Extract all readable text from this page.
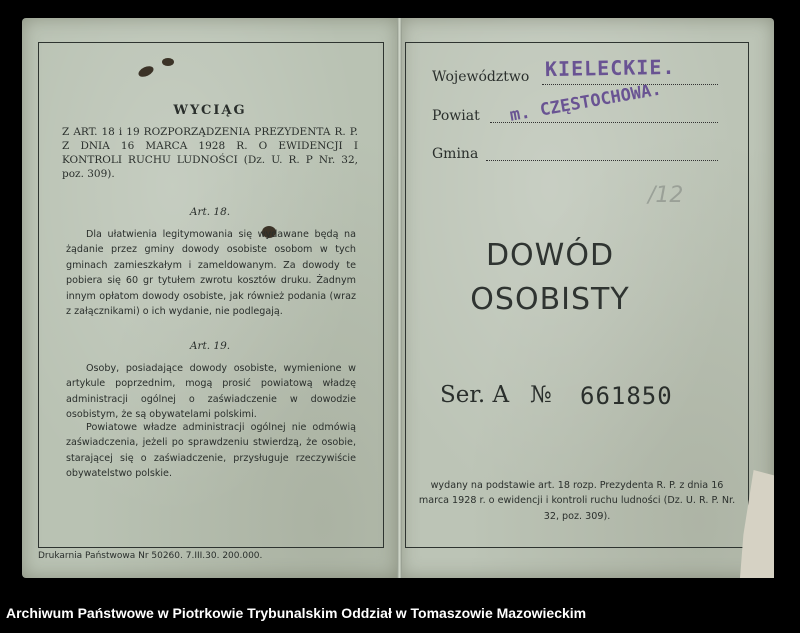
WYCIĄG

Z ART. 18 i 19 ROZPORZĄDZENIA PREZYDENTA R. P. Z DNIA 16 MARCA 1928 R. O EWIDENCJI I KONTROLI RUCHU LUDNOŚCI (Dz. U. R. P Nr. 32, poz. 309).

Art. 18.

Dla ułatwienia legitymowania się wydawane będą na żądanie przez gminy dowody osobiste osobom w tych gminach zamieszkałym i zameldowanym. Za dowody te pobiera się 60 gr tytułem zwrotu kosztów druku. Żadnym innym opłatom dowody osobiste, jak również podania (wraz z załącznikami) o ich wydanie, nie podlegają.

Art. 19.

Osoby, posiadające dowody osobiste, wymienione w artykule poprzednim, mogą prosić powiatową władzę administracji ogólnej o zaświadczenie w dowodzie osobistym, że są obywatelami polskimi.

Powiatowe władze administracji ogólnej nie odmówią zaświadczenia, jeżeli po sprawdzeniu stwierdzą, że osobie, starającej się o zaświadczenie, przysługuje rzeczywiście obywatelstwo polskie.

Drukarnia Państwowa Nr 50260. 7.III.30. 200.000.

Województwo KIELECKIE.

Powiat m. CZĘSTOCHOWA.

Gmina

/12

DOWÓD

OSOBISTY

Ser. A № 661850

wydany na podstawie art. 18 rozp. Prezydenta R. P. z dnia 16 marca 1928 r. o ewidencji i kontroli ruchu ludności (Dz. U. R. P. Nr. 32, poz. 309).

Archiwum Państwowe w Piotrkowie Trybunalskim Oddział w Tomaszowie Mazowieckim
